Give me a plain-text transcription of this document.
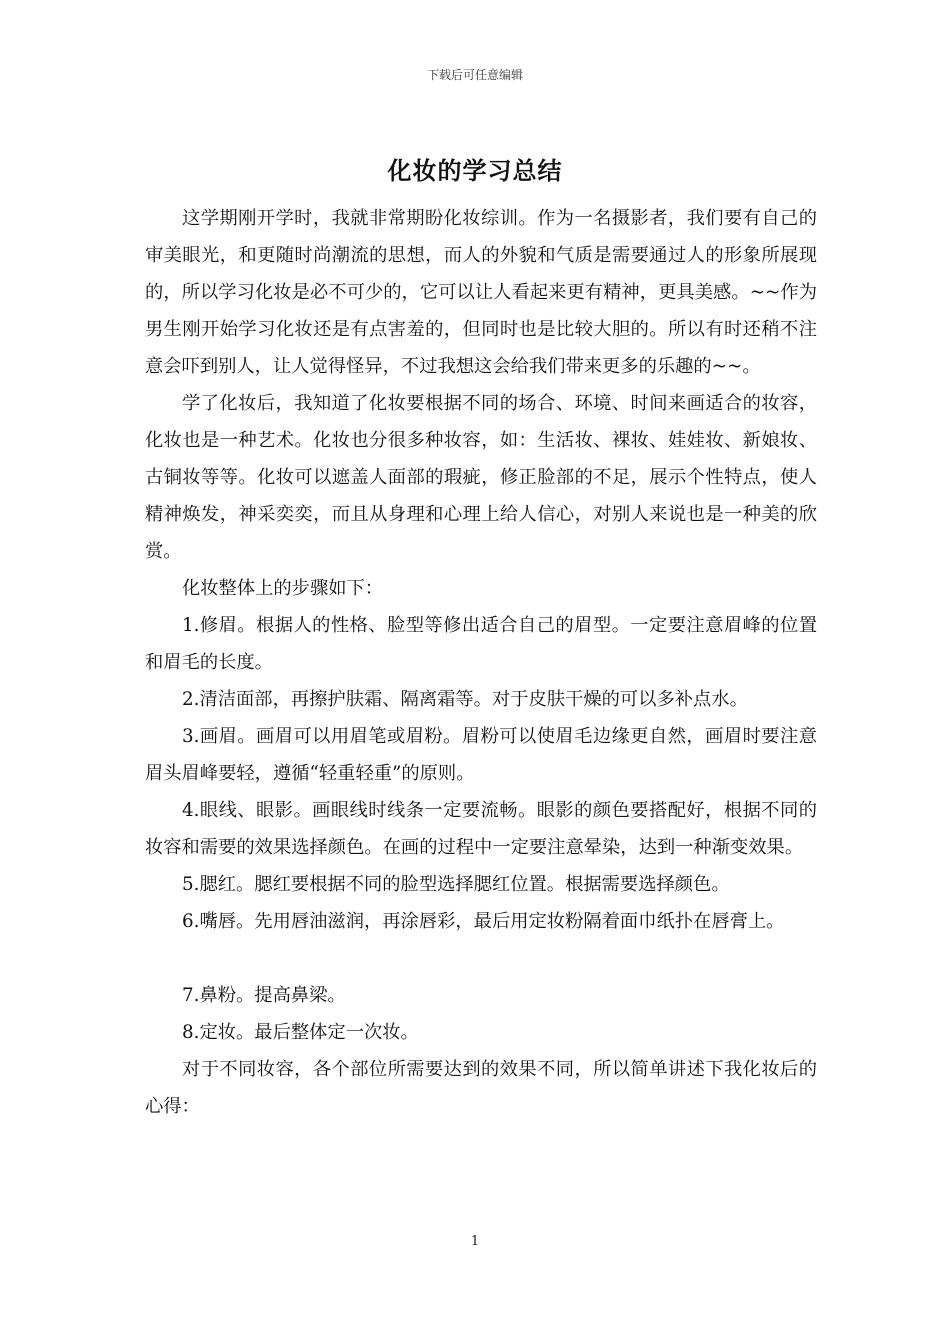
下载后可任意编辑
化妆的学习总结

这学期刚开学时，我就非常期盼化妆综训。作为一名摄影者，我们要有自己的审美眼光，和更随时尚潮流的思想，而人的外貌和气质是需要通过人的形象所展现的，所以学习化妆是必不可少的，它可以让人看起来更有精神，更具美感。~~作为男生刚开始学习化妆还是有点害羞的，但同时也是比较大胆的。所以有时还稍不注意会吓到别人，让人觉得怪异，不过我想这会给我们带来更多的乐趣的~~。

学了化妆后，我知道了化妆要根据不同的场合、环境、时间来画适合的妆容，化妆也是一种艺术。化妆也分很多种妆容，如：生活妆、裸妆、娃娃妆、新娘妆、古铜妆等等。化妆可以遮盖人面部的瑕疵，修正脸部的不足，展示个性特点，使人精神焕发，神采奕奕，而且从身理和心理上给人信心，对别人来说也是一种美的欣赏。

化妆整体上的步骤如下：

1.修眉。根据人的性格、脸型等修出适合自己的眉型。一定要注意眉峰的位置和眉毛的长度。

2.清洁面部，再擦护肤霜、隔离霜等。对于皮肤干燥的可以多补点水。

3.画眉。画眉可以用眉笔或眉粉。眉粉可以使眉毛边缘更自然，画眉时要注意眉头眉峰要轻，遵循“轻重轻重”的原则。

4.眼线、眼影。画眼线时线条一定要流畅。眼影的颜色要搭配好，根据不同的妆容和需要的效果选择颜色。在画的过程中一定要注意晕染，达到一种渐变效果。

5.腮红。腮红要根据不同的脸型选择腮红位置。根据需要选择颜色。

6.嘴唇。先用唇油滋润，再涂唇彩，最后用定妆粉隔着面巾纸扑在唇膏上。

7.鼻粉。提高鼻梁。

8.定妆。最后整体定一次妆。

对于不同妆容，各个部位所需要达到的效果不同，所以简单讲述下我化妆后的心得：

1
